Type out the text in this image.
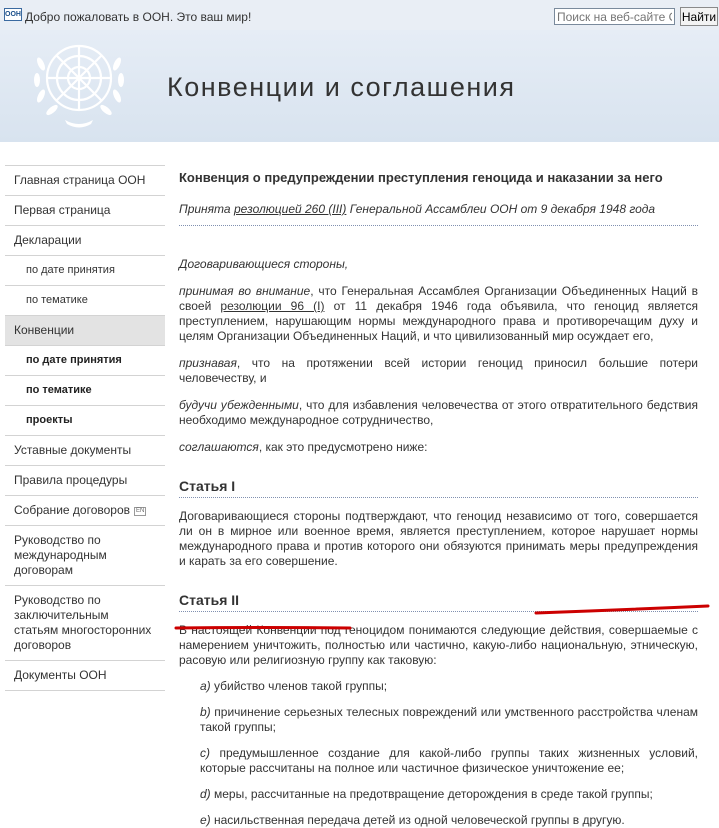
ООН Добро пожаловать в ООН. Это ваш мир!
Поиск на веб-сайте ООН	Найти
Конвенции и соглашения
Главная страница ООН
Первая страница
Декларации
по дате принятия
по тематике
Конвенции
по дате принятия
по тематике
проекты
Уставные документы
Правила процедуры
Собрание договоров EN
Руководство по международным договорам
Руководство по заключительным статьям многосторонних договоров
Документы ООН
Конвенция о предупреждении преступления геноцида и наказании за него

Принята резолюцией 260 (III) Генеральной Ассамблеи ООН от 9 декабря 1948 года

Договаривающиеся стороны,

принимая во внимание, что Генеральная Ассамблея Организации Объединенных Наций в своей резолюции 96 (I) от 11 декабря 1946 года объявила, что геноцид является преступлением, нарушающим нормы международного права и противоречащим духу и целям Организации Объединенных Наций, и что цивилизованный мир осуждает его,

признавая, что на протяжении всей истории геноцид приносил большие потери человечеству, и

будучи убежденными, что для избавления человечества от этого отвратительного бедствия необходимо международное сотрудничество,

соглашаются, как это предусмотрено ниже:

Статья I

Договаривающиеся стороны подтверждают, что геноцид независимо от того, совершается ли он в мирное или военное время, является преступлением, которое нарушает нормы международного права и против которого они обязуются принимать меры предупреждения и карать за его совершение.

Статья II

В настоящей Конвенции под геноцидом понимаются следующие действия, совершаемые с намерением уничтожить, полностью или частично, какую-либо национальную, этническую, расовую или религиозную группу как таковую:

a) убийство членов такой группы;

b) причинение серьезных телесных повреждений или умственного расстройства членам такой группы;

c) предумышленное создание для какой-либо группы таких жизненных условий, которые рассчитаны на полное или частичное физическое уничтожение ее;

d) меры, рассчитанные на предотвращение деторождения в среде такой группы;

e) насильственная передача детей из одной человеческой группы в другую.
